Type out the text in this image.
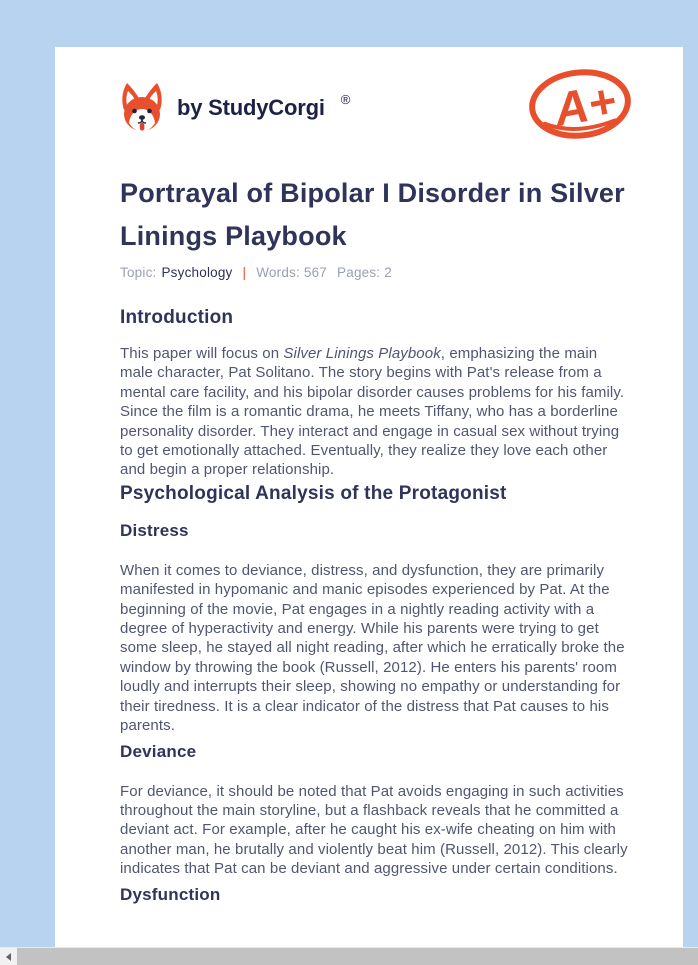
by StudyCorgi ®	A+
Portrayal of Bipolar I Disorder in Silver Linings Playbook
Topic: Psychology | Words: 567 Pages: 2
Introduction

This paper will focus on Silver Linings Playbook, emphasizing the main male character, Pat Solitano. The story begins with Pat's release from a mental care facility, and his bipolar disorder causes problems for his family. Since the film is a romantic drama, he meets Tiffany, who has a borderline personality disorder. They interact and engage in casual sex without trying to get emotionally attached. Eventually, they realize they love each other and begin a proper relationship.

Psychological Analysis of the Protagonist
Distress

When it comes to deviance, distress, and dysfunction, they are primarily manifested in hypomanic and manic episodes experienced by Pat. At the beginning of the movie, Pat engages in a nightly reading activity with a degree of hyperactivity and energy. While his parents were trying to get some sleep, he stayed all night reading, after which he erratically broke the window by throwing the book (Russell, 2012). He enters his parents' room loudly and interrupts their sleep, showing no empathy or understanding for their tiredness. It is a clear indicator of the distress that Pat causes to his parents.

Deviance

For deviance, it should be noted that Pat avoids engaging in such activities throughout the main storyline, but a flashback reveals that he committed a deviant act. For example, after he caught his ex-wife cheating on him with another man, he brutally and violently beat him (Russell, 2012). This clearly indicates that Pat can be deviant and aggressive under certain conditions.

Dysfunction
